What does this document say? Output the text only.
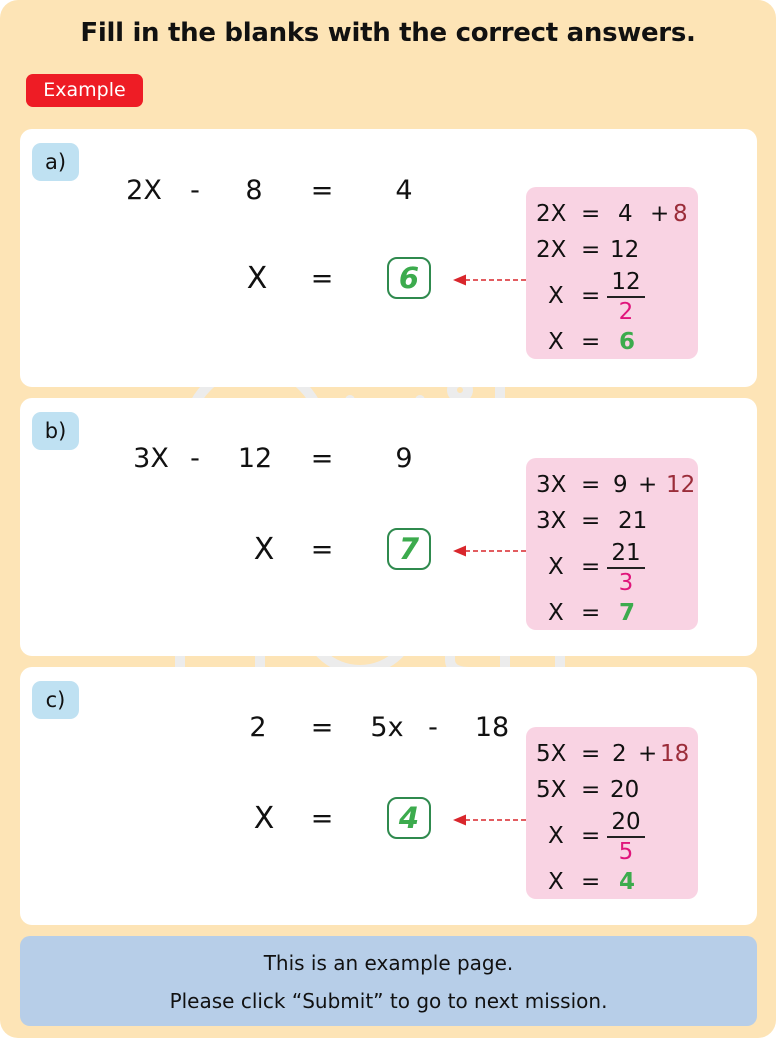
Fill in the blanks with the correct answers.
Example
a)
2X - 8 = 4
X =	6
2X = 4 + 8
2X = 12
X =
12
2
X = 6
b)
3X - 12 = 9
X =	7
3X = 9 + 12
3X = 21
X =
21
3
X = 7
c)
2 = 5x - 18
X =	4
5X = 2 + 18
5X = 20
X =
20
5
X = 4
This is an example page.
Please click “Submit” to go to next mission.
